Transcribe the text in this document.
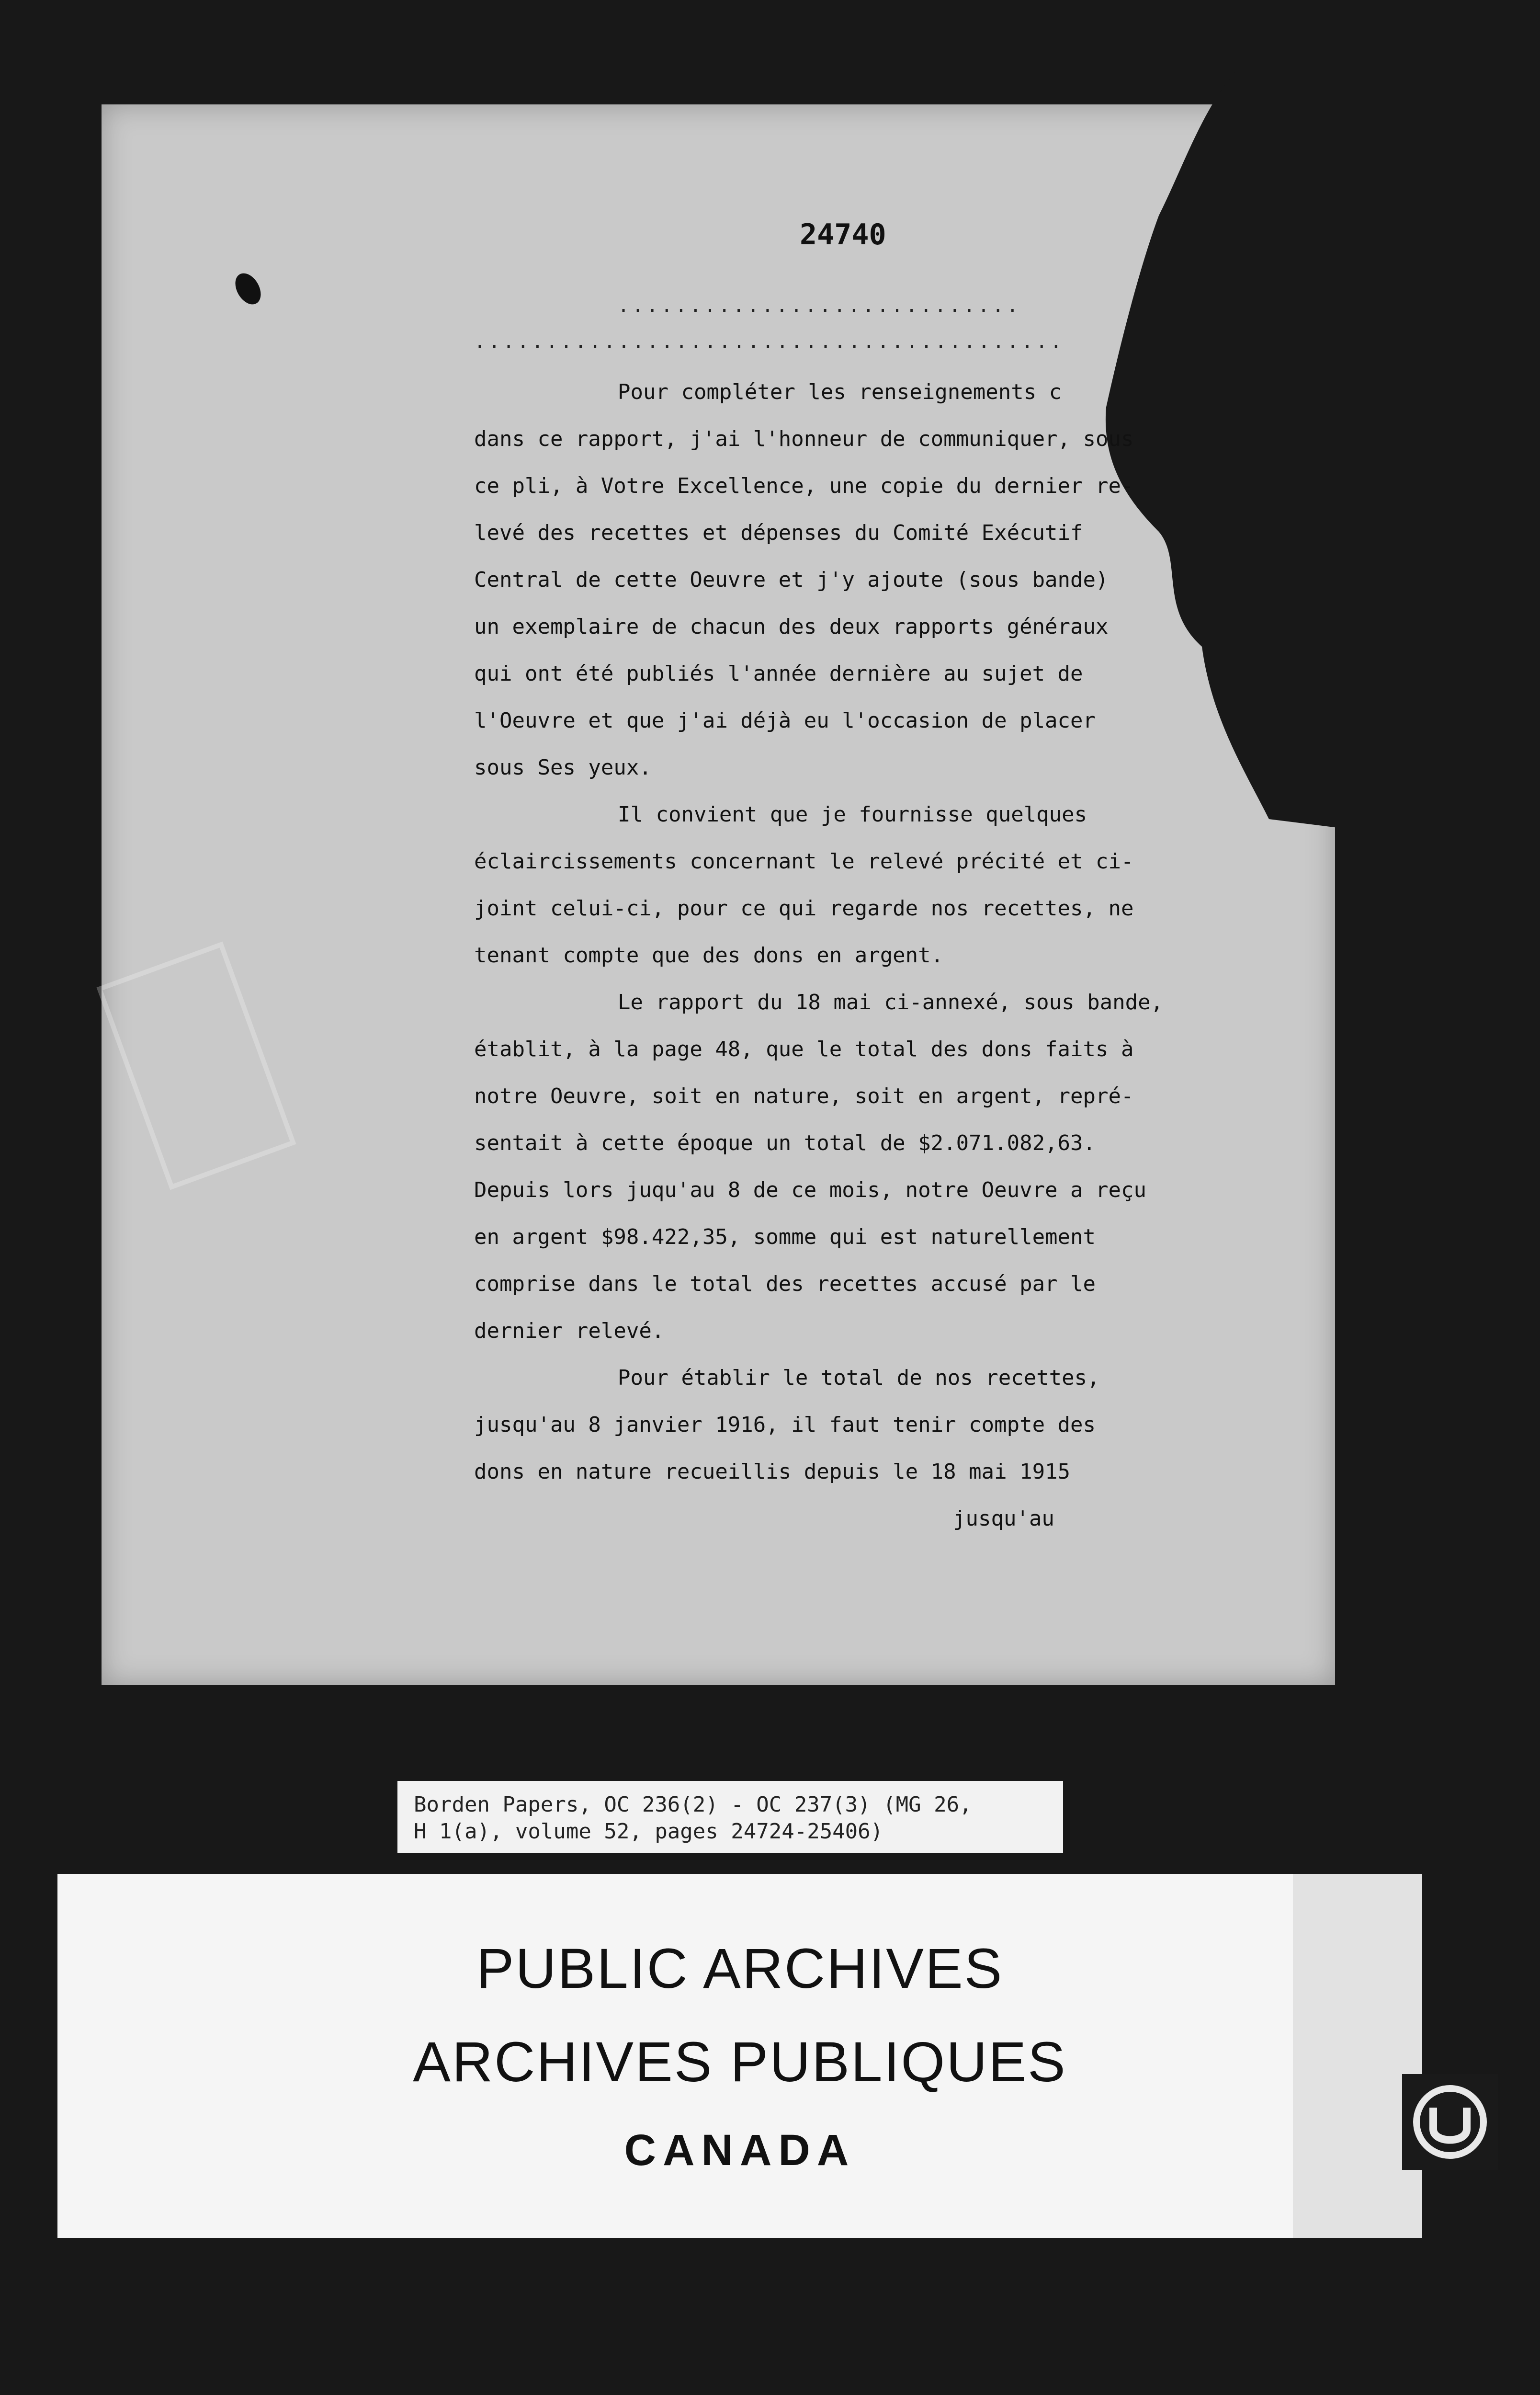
24740
............................
.........................................
Pour compléter les renseignements c
dans ce rapport, j'ai l'honneur de communiquer, sous
ce pli, à Votre Excellence, une copie du dernier re-
levé des recettes et dépenses du Comité Exécutif
Central de cette Oeuvre et j'y ajoute (sous bande)
un exemplaire de chacun des deux rapports généraux
qui ont été publiés l'année dernière au sujet de
l'Oeuvre et que j'ai déjà eu l'occasion de placer
sous Ses yeux.
Il convient que je fournisse quelques
éclaircissements concernant le relevé précité et ci-
joint celui-ci, pour ce qui regarde nos recettes, ne
tenant compte que des dons en argent.
Le rapport du 18 mai ci-annexé, sous bande,
établit, à la page 48, que le total des dons faits à
notre Oeuvre, soit en nature, soit en argent, repré-
sentait à cette époque un total de $2.071.082,63.
Depuis lors juqu'au 8 de ce mois, notre Oeuvre a reçu
en argent $98.422,35, somme qui est naturellement
comprise dans le total des recettes accusé par le
dernier relevé.
Pour établir le total de nos recettes,
jusqu'au 8 janvier 1916, il faut tenir compte des
dons en nature recueillis depuis le 18 mai 1915
jusqu'au
Borden Papers, OC 236(2) - OC 237(3) (MG 26,
H 1(a), volume 52, pages 24724-25406)
PUBLIC ARCHIVES
ARCHIVES PUBLIQUES
CANADA
